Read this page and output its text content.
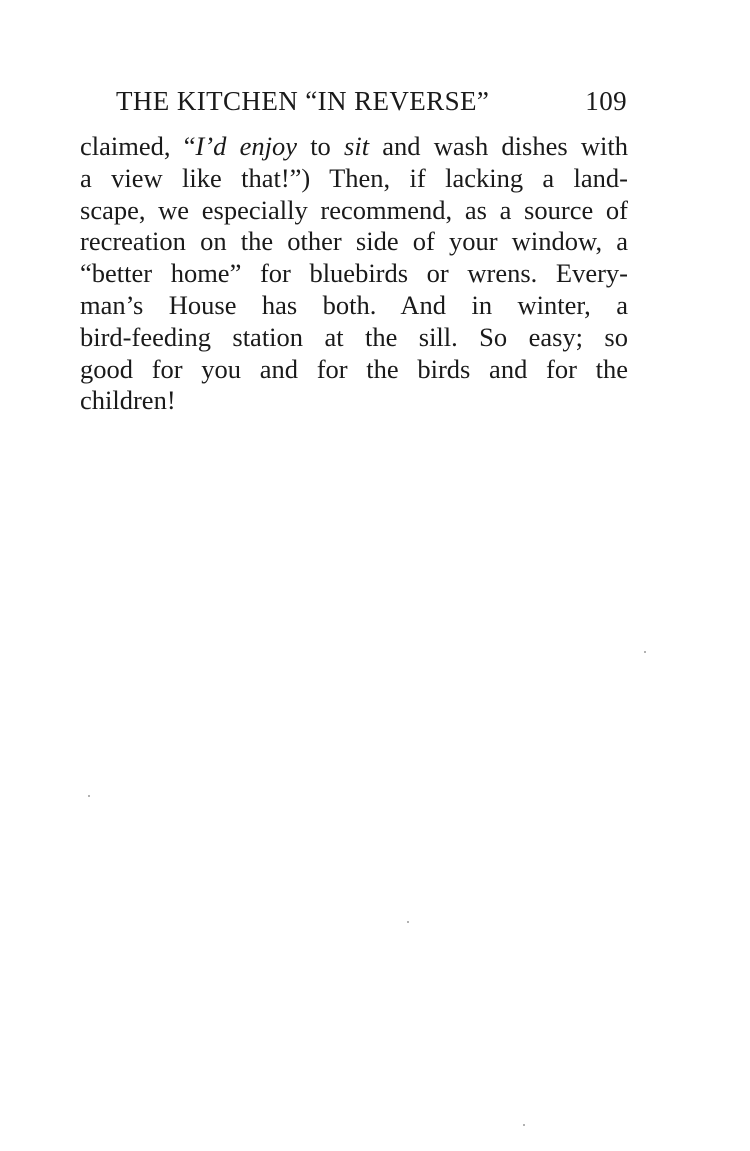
THE KITCHEN “IN REVERSE”	109
claimed, “I’d enjoy to sit and wash dishes with
a view like that!”) Then, if lacking a land-
scape, we especially recommend, as a source of
recreation on the other side of your window, a
“better home” for bluebirds or wrens. Every-
man’s House has both. And in winter, a
bird-feeding station at the sill. So easy; so
good for you and for the birds and for the
children!
